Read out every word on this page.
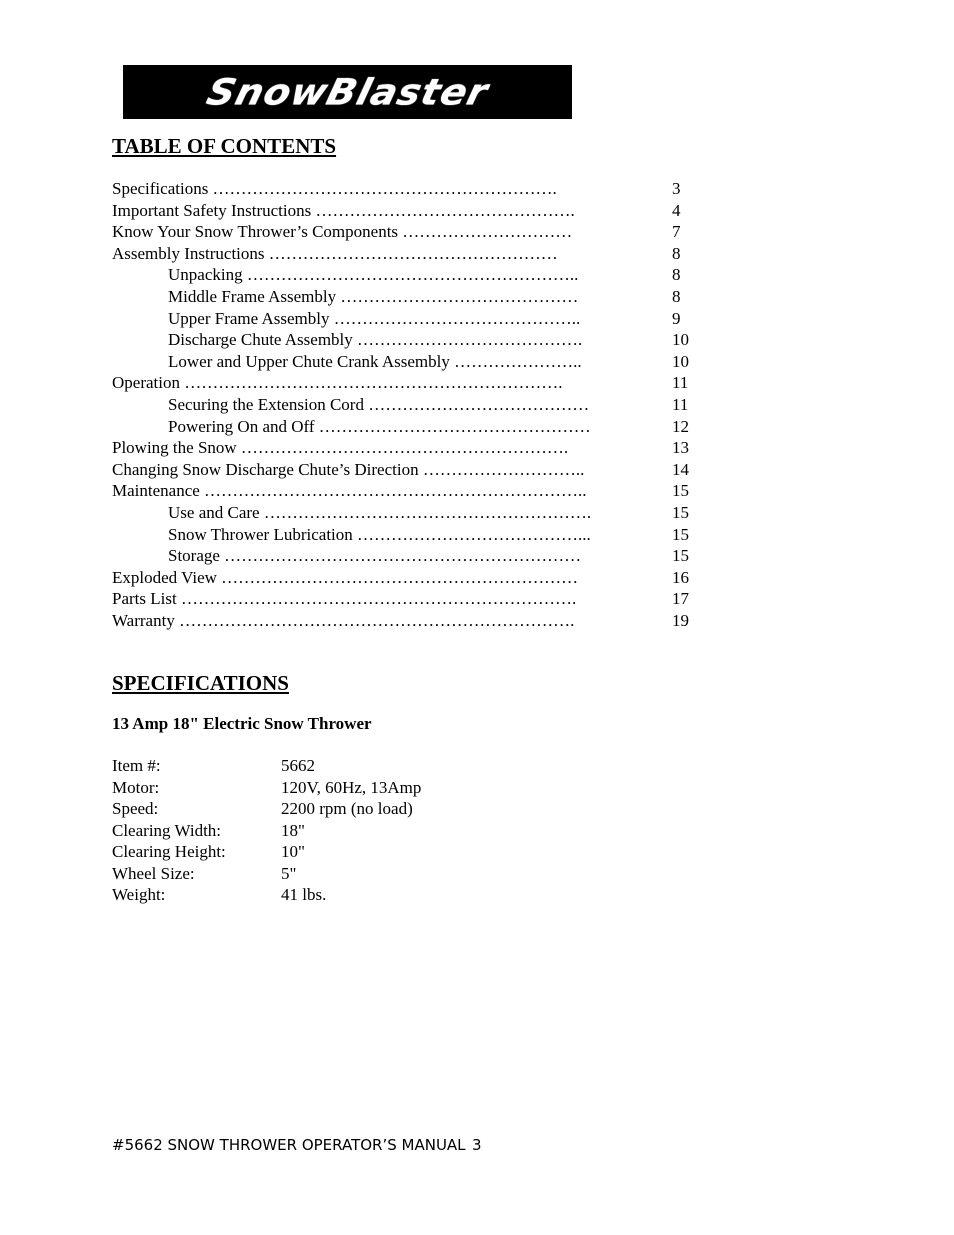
SnowBlaster
TABLE OF CONTENTS
Specifications …………………………………………………….	3
Important Safety Instructions ……………………………………….	4
Know Your Snow Thrower’s Components …………………………	7
Assembly Instructions ……………………………………………	8
Unpacking …………………………………………………..	8
Middle Frame Assembly ……………………………………	8
Upper Frame Assembly ……………………………………..	9
Discharge Chute Assembly ………………………………….	10
Lower and Upper Chute Crank Assembly …………………..	10
Operation ………………………………………………………….	11
Securing the Extension Cord …………………………………	11
Powering On and Off …………………………………………	12
Plowing the Snow ………………………………………………….	13
Changing Snow Discharge Chute’s Direction ………………………..	14
Maintenance …………………………………………………………..	15
Use and Care ………………………………………………….	15
Snow Thrower Lubrication …………………………………...	15
Storage ………………………………………………………	15
Exploded View ………………………………………………………	16
Parts List …………………………………………………………….	17
Warranty …………………………………………………………….	19
SPECIFICATIONS
13 Amp 18" Electric Snow Thrower
Item #:	5662
Motor:	120V, 60Hz, 13Amp
Speed:	2200 rpm (no load)
Clearing Width:	18"
Clearing Height:	10"
Wheel Size:	5"
Weight:	41 lbs.
#5662 SNOW THROWER OPERATOR’S MANUAL 3
